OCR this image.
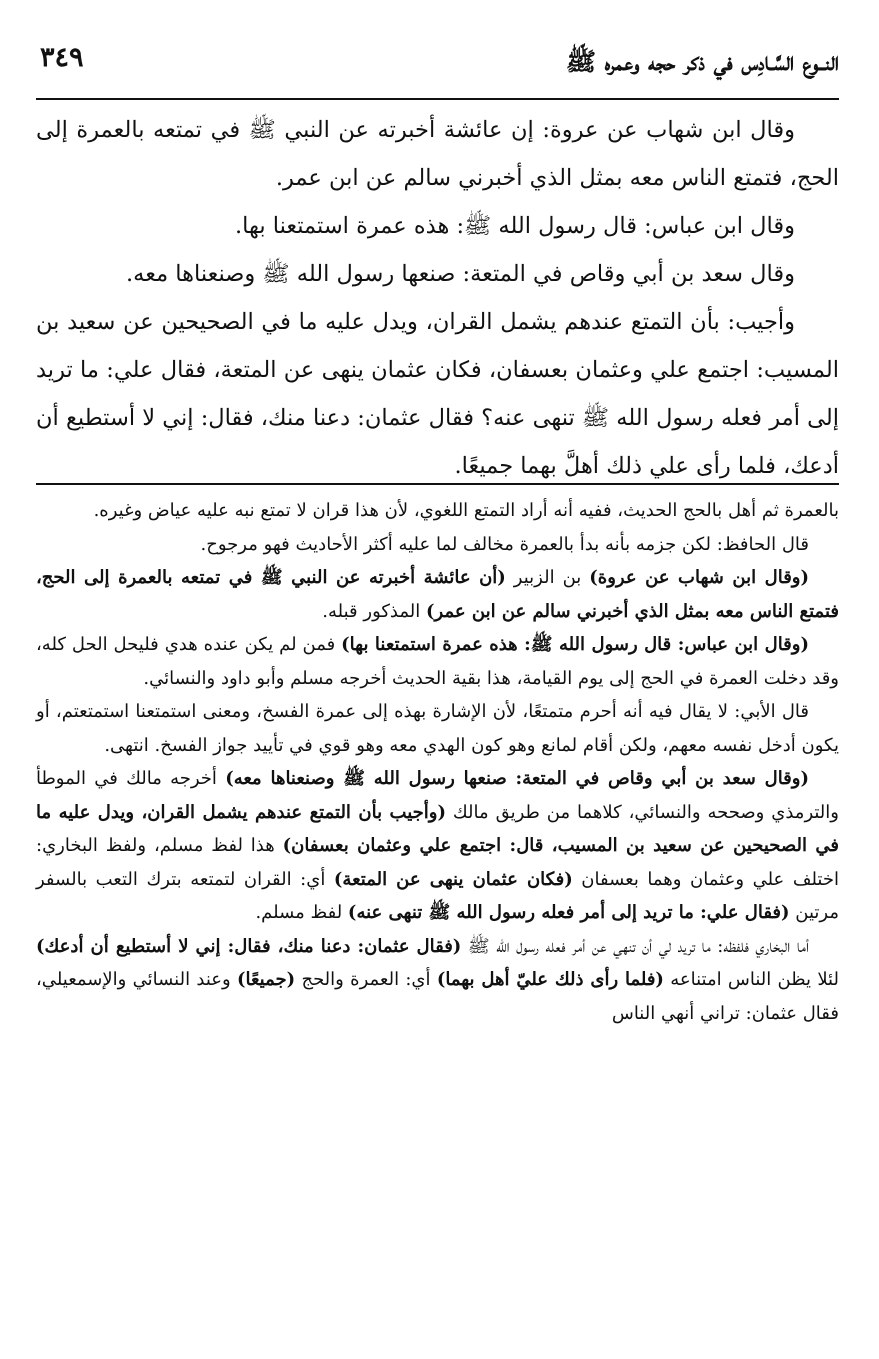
النــوع السَّـادِس في ذكر حجه وعمره ﷺ
٣٤٩

وقال ابن شهاب عن عروة: إن عائشة أخبرته عن النبي ﷺ في تمتعه بالعمرة إلى الحج، فتمتع الناس معه بمثل الذي أخبرني سالم عن ابن عمر.

وقال ابن عباس: قال رسول الله ﷺ: هذه عمرة استمتعنا بها.

وقال سعد بن أبي وقاص في المتعة: صنعها رسول الله ﷺ وصنعناها معه.

وأجيب: بأن التمتع عندهم يشمل القران، ويدل عليه ما في الصحيحين عن سعيد بن المسيب: اجتمع علي وعثمان بعسفان، فكان عثمان ينهى عن المتعة، فقال علي: ما تريد إلى أمر فعله رسول الله ﷺ تنهى عنه؟ فقال عثمان: دعنا منك، فقال: إني لا أستطيع أن أدعك، فلما رأى علي ذلك أهلَّ بهما جميعًا.

بالعمرة ثم أهل بالحج الحديث، ففيه أنه أراد التمتع اللغوي، لأن هذا قران لا تمتع نبه عليه عياض وغيره.

قال الحافظ: لكن جزمه بأنه بدأ بالعمرة مخالف لما عليه أكثر الأحاديث فهو مرجوح.

(وقال ابن شهاب عن عروة) بن الزبير (أن عائشة أخبرته عن النبي ﷺ في تمتعه بالعمرة إلى الحج، فتمتع الناس معه بمثل الذي أخبرني سالم عن ابن عمر) المذكور قبله.

(وقال ابن عباس: قال رسول الله ﷺ: هذه عمرة استمتعنا بها) فمن لم يكن عنده هدي فليحل الحل كله، وقد دخلت العمرة في الحج إلى يوم القيامة، هذا بقية الحديث أخرجه مسلم وأبو داود والنسائي.

قال الأبي: لا يقال فيه أنه أحرم متمتعًا، لأن الإشارة بهذه إلى عمرة الفسخ، ومعنى استمتعنا استمتعتم، أو يكون أدخل نفسه معهم، ولكن أقام لمانع وهو كون الهدي معه وهو قوي في تأييد جواز الفسخ. انتهى.

(وقال سعد بن أبي وقاص في المتعة: صنعها رسول الله ﷺ وصنعناها معه) أخرجه مالك في الموطأ والترمذي وصححه والنسائي، كلاهما من طريق مالك (وأجيب بأن التمتع عندهم يشمل القران، ويدل عليه ما في الصحيحين عن سعيد بن المسيب، قال: اجتمع علي وعثمان بعسفان) هذا لفظ مسلم، ولفظ البخاري: اختلف علي وعثمان وهما بعسفان (فكان عثمان ينهى عن المتعة) أي: القران لتمتعه بترك التعب بالسفر مرتين (فقال علي: ما تريد إلى أمر فعله رسول الله ﷺ تنهى عنه) لفظ مسلم.

أما البخاري فلفظه: ما تريد لي أن تنهي عن أمر فعله رسول الله ﷺ (فقال عثمان: دعنا منك، فقال: إني لا أستطيع أن أدعك) لئلا يظن الناس امتناعه (فلما رأى ذلك عليّ أهل بهما) أي: العمرة والحج (جميعًا) وعند النسائي والإسمعيلي، فقال عثمان: تراني أنهي الناس
